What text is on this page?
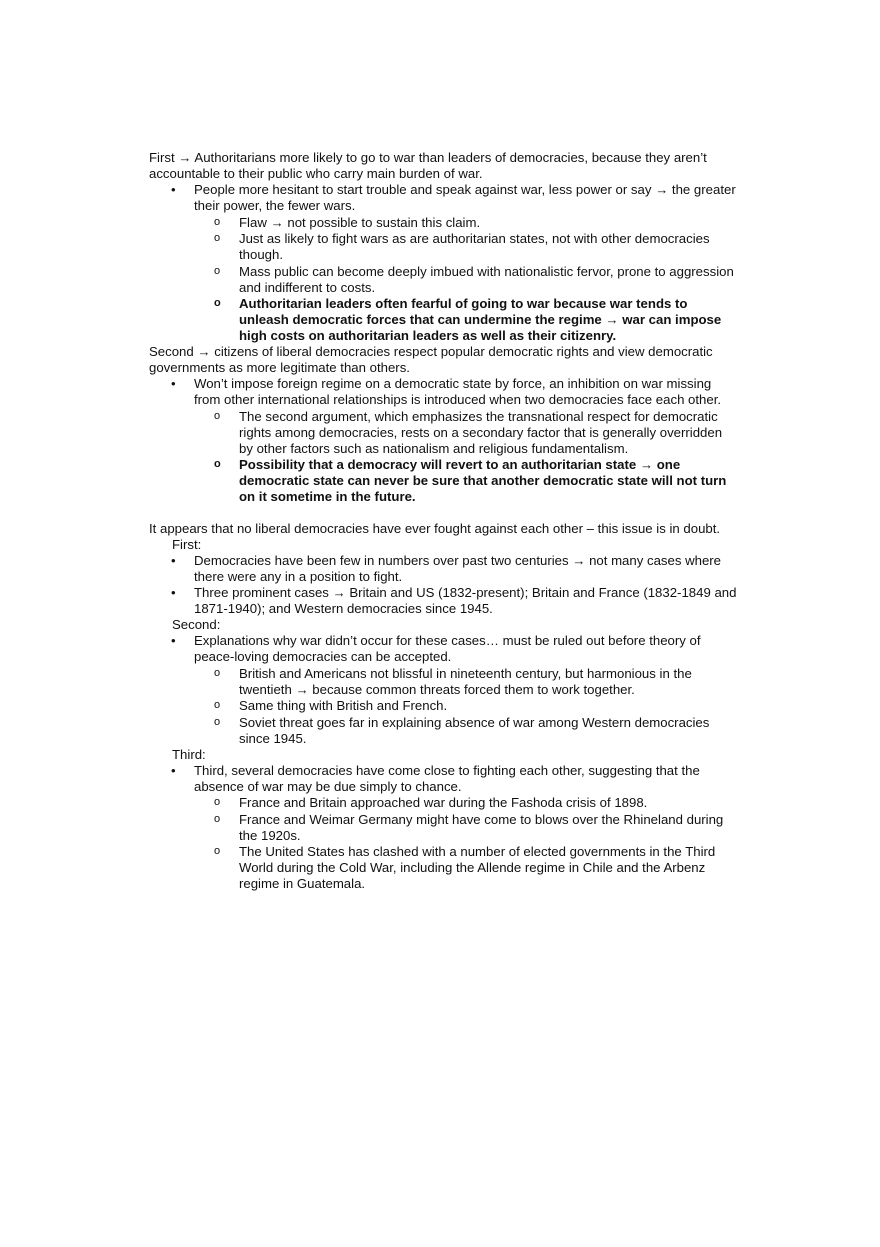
First → Authoritarians more likely to go to war than leaders of democracies, because they aren’t accountable to their public who carry main burden of war.

• People more hesitant to start trouble and speak against war, less power or say → the greater their power, the fewer wars.
o Flaw → not possible to sustain this claim.
o Just as likely to fight wars as are authoritarian states, not with other democracies though.
o Mass public can become deeply imbued with nationalistic fervor, prone to aggression and indifferent to costs.
o Authoritarian leaders often fearful of going to war because war tends to unleash democratic forces that can undermine the regime → war can impose high costs on authoritarian leaders as well as their citizenry.

Second → citizens of liberal democracies respect popular democratic rights and view democratic governments as more legitimate than others.

• Won’t impose foreign regime on a democratic state by force, an inhibition on war missing from other international relationships is introduced when two democracies face each other.
o The second argument, which emphasizes the transnational respect for democratic rights among democracies, rests on a secondary factor that is generally overridden by other factors such as nationalism and religious fundamentalism.
o Possibility that a democracy will revert to an authoritarian state → one democratic state can never be sure that another democratic state will not turn on it sometime in the future.

It appears that no liberal democracies have ever fought against each other – this issue is in doubt.

First:

• Democracies have been few in numbers over past two centuries → not many cases where there were any in a position to fight.
• Three prominent cases → Britain and US (1832-present); Britain and France (1832-1849 and 1871-1940); and Western democracies since 1945.

Second:

• Explanations why war didn’t occur for these cases… must be ruled out before theory of peace-loving democracies can be accepted.
o British and Americans not blissful in nineteenth century, but harmonious in the twentieth → because common threats forced them to work together.
o Same thing with British and French.
o Soviet threat goes far in explaining absence of war among Western democracies since 1945.

Third:

• Third, several democracies have come close to fighting each other, suggesting that the absence of war may be due simply to chance.
o France and Britain approached war during the Fashoda crisis of 1898.
o France and Weimar Germany might have come to blows over the Rhineland during the 1920s.
o The United States has clashed with a number of elected governments in the Third World during the Cold War, including the Allende regime in Chile and the Arbenz regime in Guatemala.
